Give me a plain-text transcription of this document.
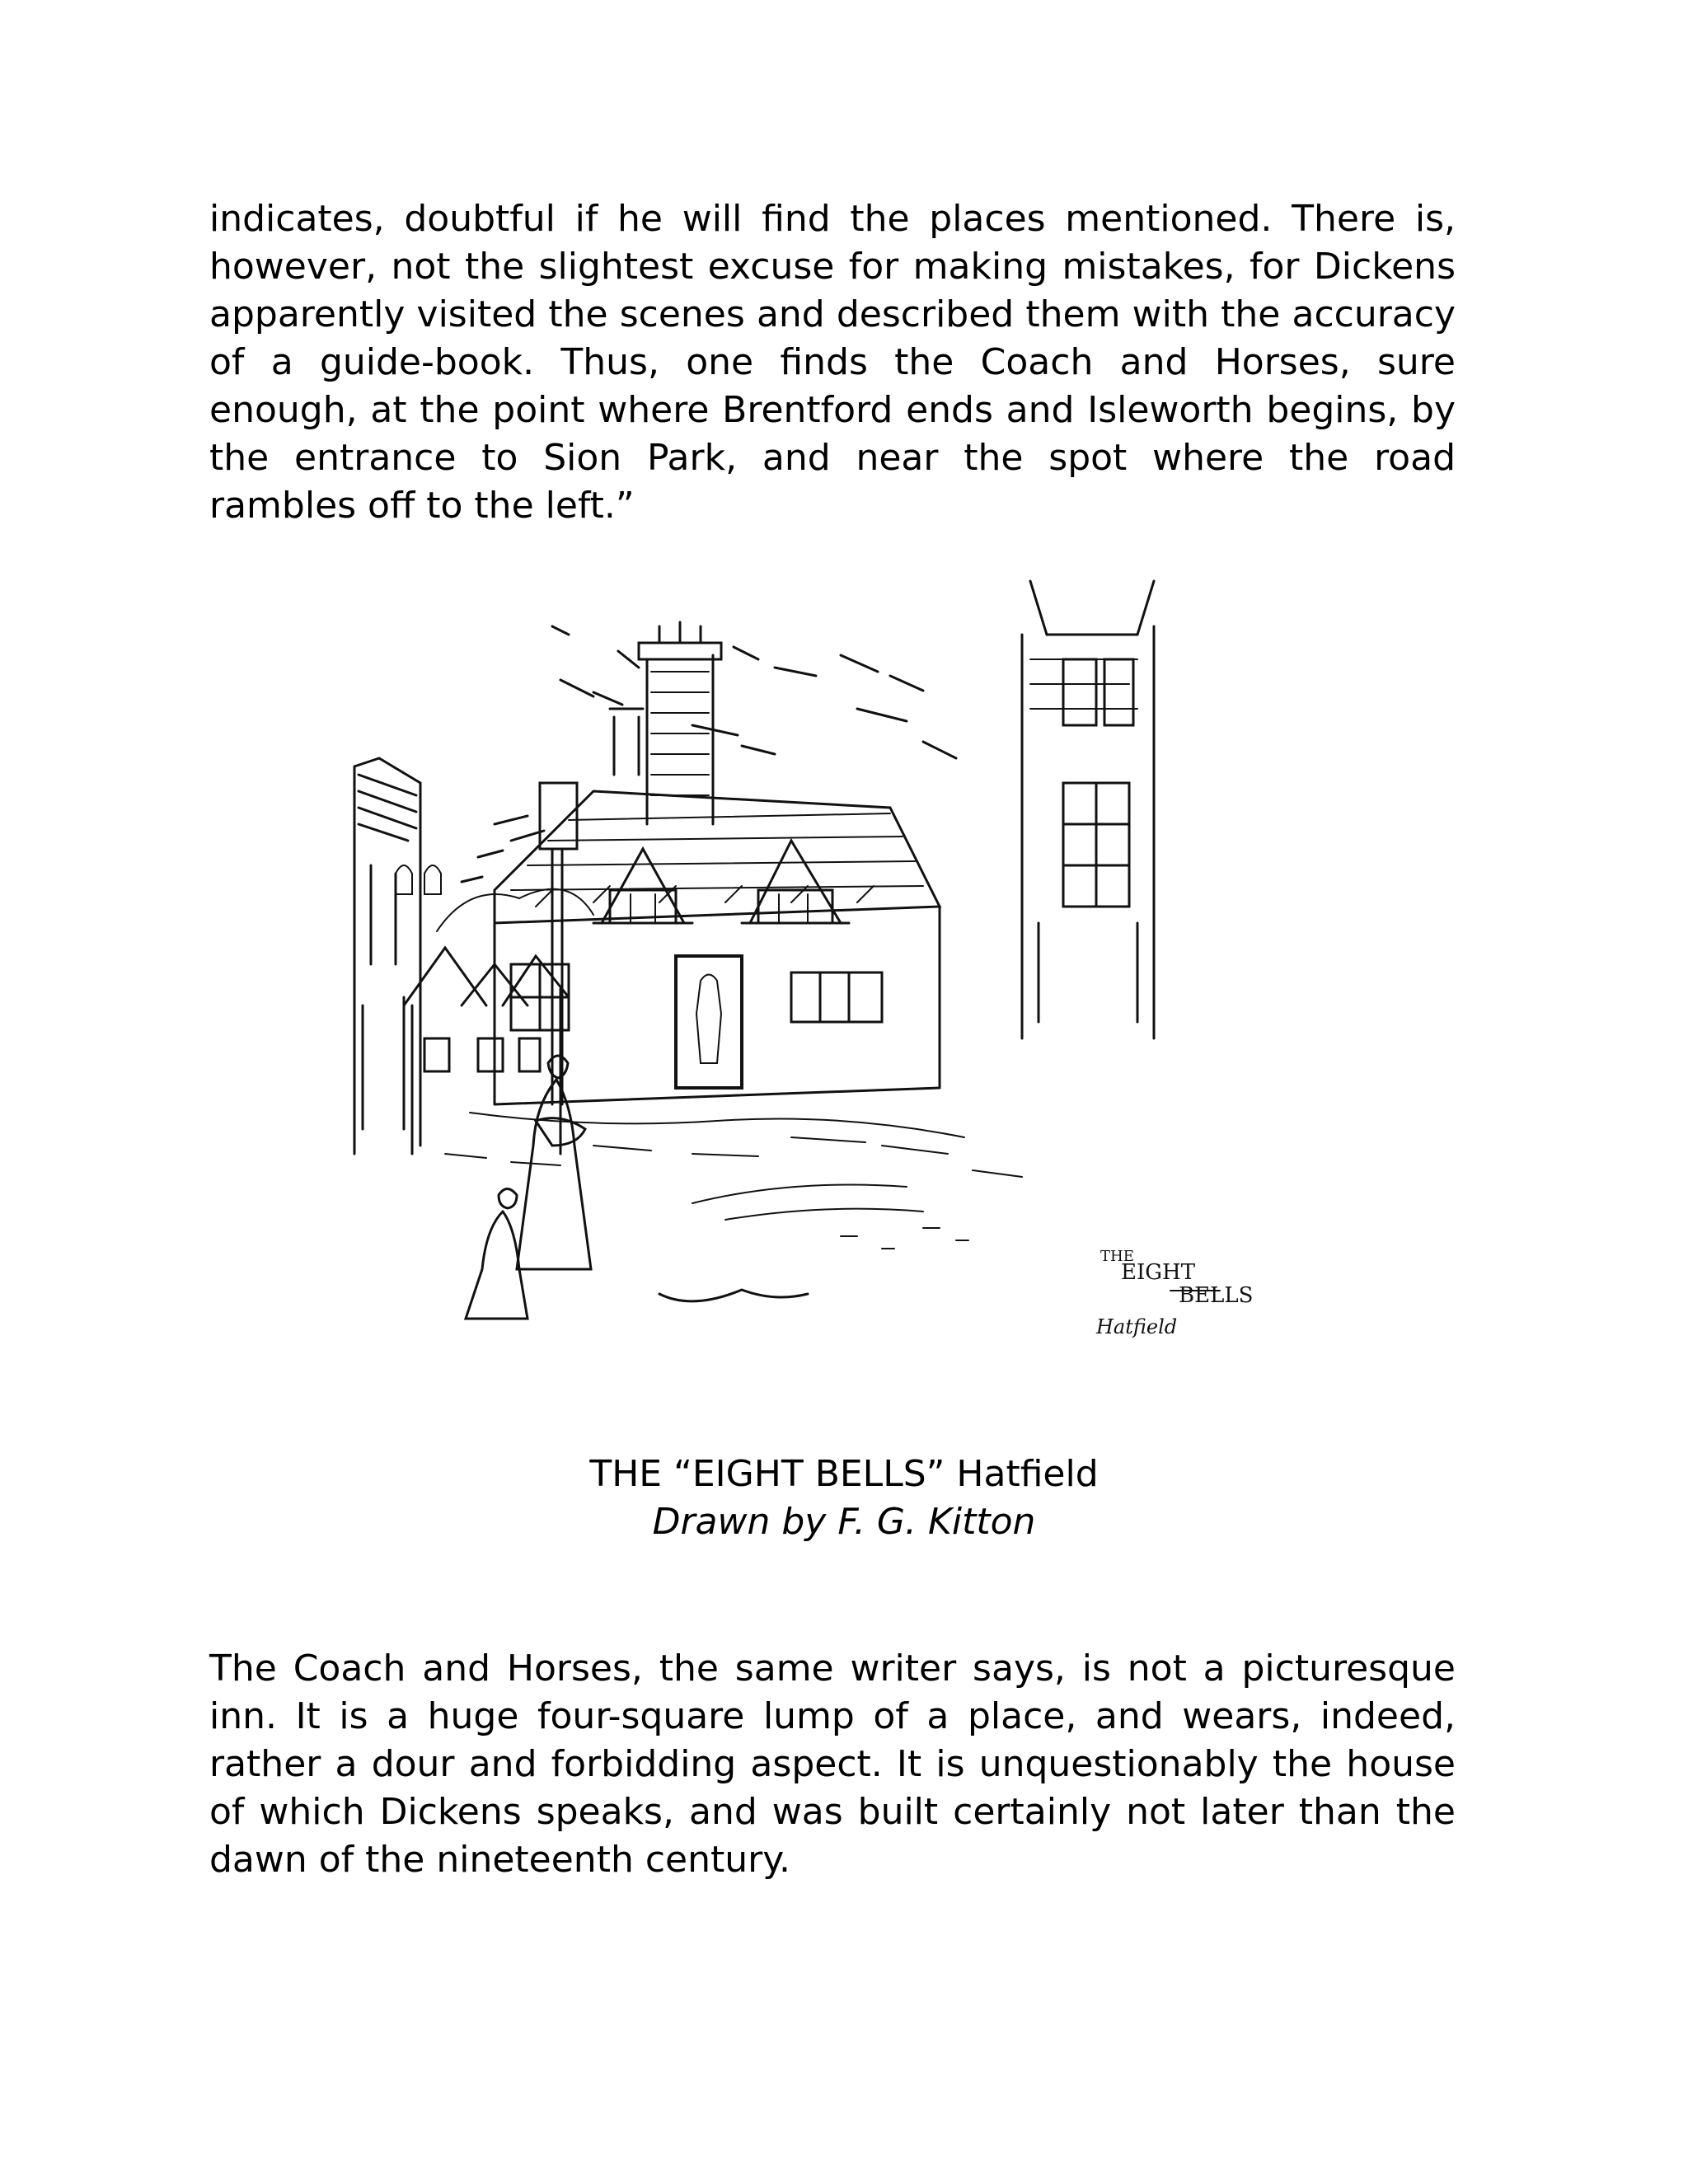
indicates, doubtful if he will find the places mentioned. There is, however, not the slightest excuse for making mistakes, for Dickens apparently visited the scenes and described them with the accuracy of a guide-book. Thus, one finds the Coach and Horses, sure enough, at the point where Brentford ends and Isleworth begins, by the entrance to Sion Park, and near the spot where the road rambles off to the left.”

THE
EIGHT
BELLS
Hatfield
THE “EIGHT BELLS” Hatfield
Drawn by F. G. Kitton

The Coach and Horses, the same writer says, is not a picturesque inn. It is a huge four-square lump of a place, and wears, indeed, rather a dour and forbidding aspect. It is unquestionably the house of which Dickens speaks, and was built certainly not later than the dawn of the nineteenth century.
